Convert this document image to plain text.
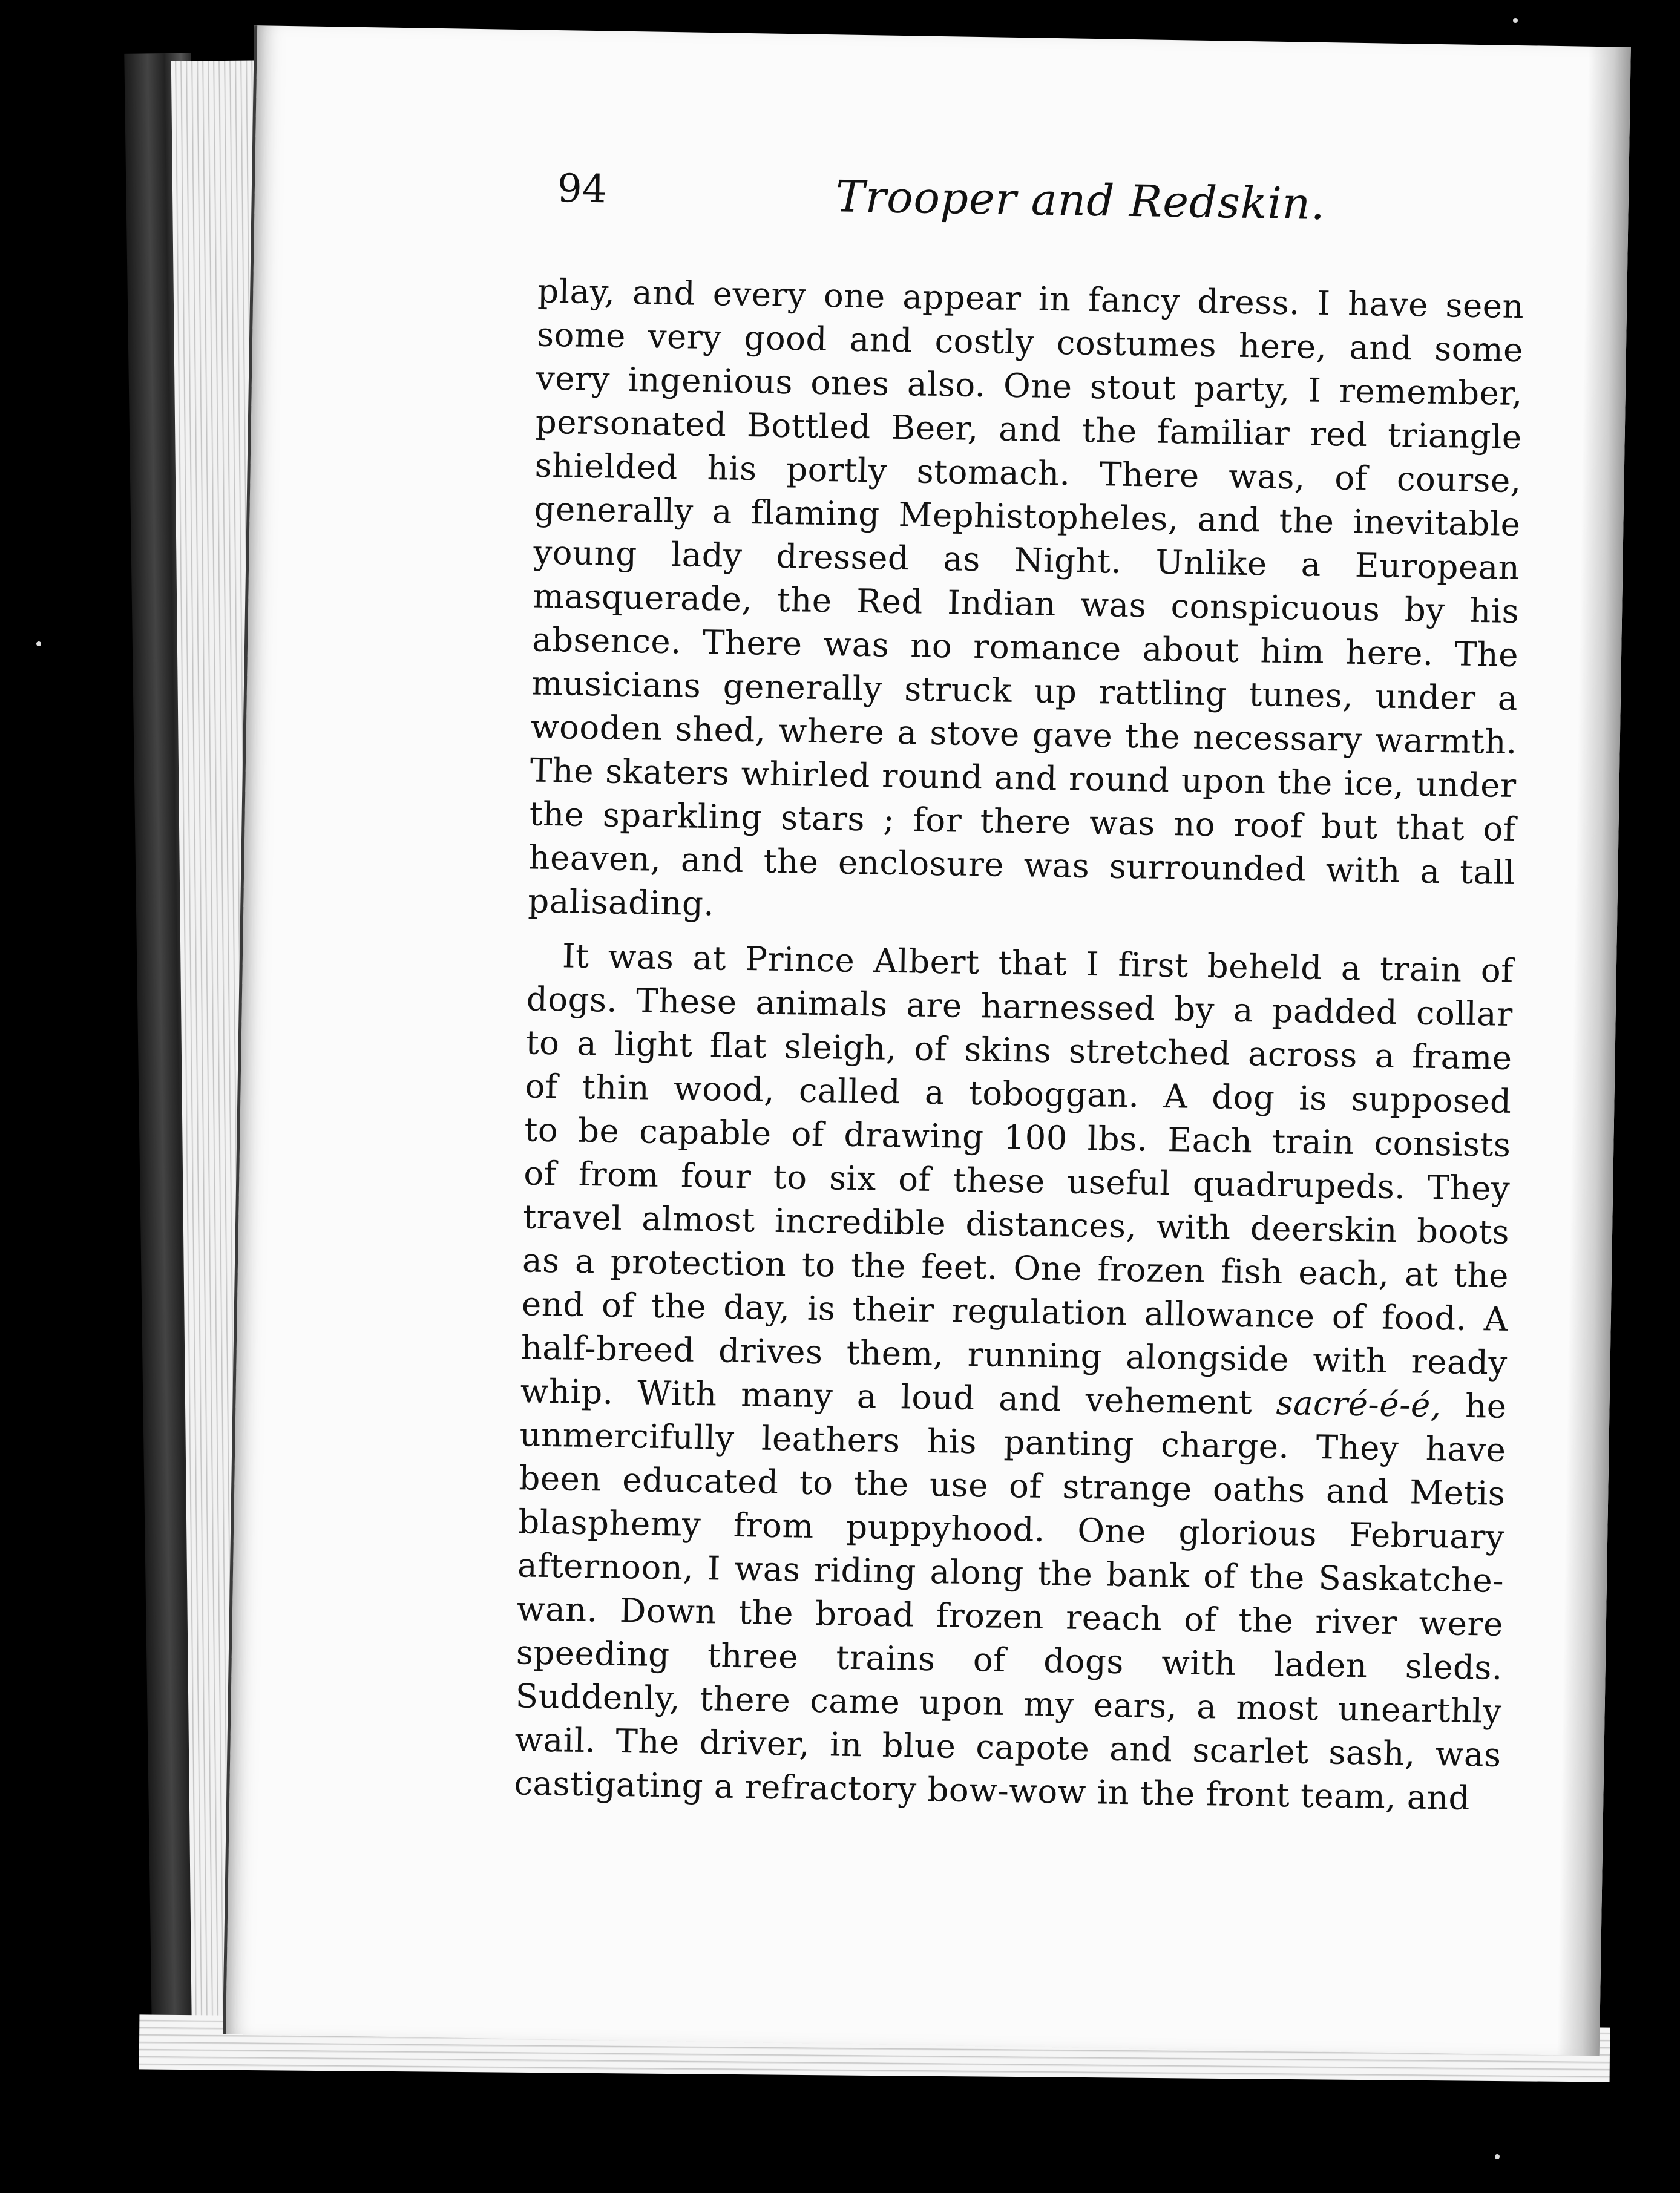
94	Trooper and Redskin.
play, and every one appear in fancy dress. I have seen
some very good and costly costumes here, and some
very ingenious ones also. One stout party, I remember,
personated Bottled Beer, and the familiar red triangle
shielded his portly stomach. There was, of course,
generally a flaming Mephistopheles, and the inevitable
young lady dressed as Night. Unlike a European
masquerade, the Red Indian was conspicuous by his
absence. There was no romance about him here. The
musicians generally struck up rattling tunes, under a
wooden shed, where a stove gave the necessary warmth.
The skaters whirled round and round upon the ice, under
the sparkling stars ; for there was no roof but that of
heaven, and the enclosure was surrounded with a tall
palisading.
It was at Prince Albert that I first beheld a train of
dogs. These animals are harnessed by a padded collar
to a light flat sleigh, of skins stretched across a frame
of thin wood, called a toboggan. A dog is supposed
to be capable of drawing 100 lbs. Each train consists
of from four to six of these useful quadrupeds. They
travel almost incredible distances, with deerskin boots
as a protection to the feet. One frozen fish each, at the
end of the day, is their regulation allowance of food. A
half-breed drives them, running alongside with ready
whip. With many a loud and vehement sacré-é-é, he
unmercifully leathers his panting charge. They have
been educated to the use of strange oaths and Metis
blasphemy from puppyhood. One glorious February
afternoon, I was riding along the bank of the Saskatche-
wan. Down the broad frozen reach of the river were
speeding three trains of dogs with laden sleds.
Suddenly, there came upon my ears, a most unearthly
wail. The driver, in blue capote and scarlet sash, was
castigating a refractory bow-wow in the front team, and
